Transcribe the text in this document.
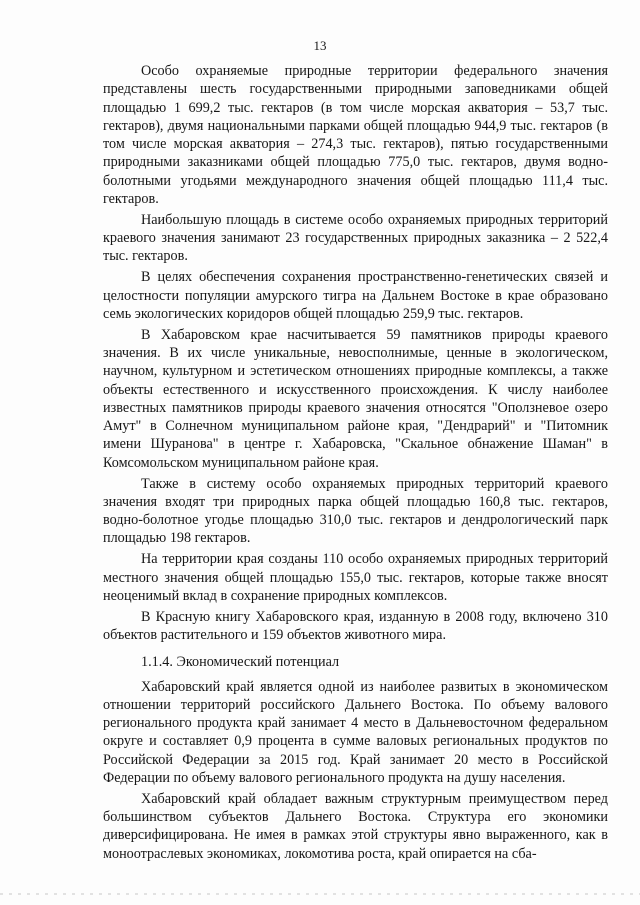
13

Особо охраняемые природные территории федерального значения представлены шесть государственными природными заповедниками общей площадью 1 699,2 тыс. гектаров (в том числе морская акватория – 53,7 тыс. гектаров), двумя национальными парками общей площадью 944,9 тыс. гектаров (в том числе морская акватория – 274,3 тыс. гектаров), пятью государственными природными заказниками общей площадью 775,0 тыс. гектаров, двумя водно-болотными угодьями международного значения общей площадью 111,4 тыс. гектаров.

Наибольшую площадь в системе особо охраняемых природных территорий краевого значения занимают 23 государственных природных заказника – 2 522,4 тыс. гектаров.

В целях обеспечения сохранения пространственно-генетических связей и целостности популяции амурского тигра на Дальнем Востоке в крае образовано семь экологических коридоров общей площадью 259,9 тыс. гектаров.

В Хабаровском крае насчитывается 59 памятников природы краевого значения. В их числе уникальные, невосполнимые, ценные в экологическом, научном, культурном и эстетическом отношениях природные комплексы, а также объекты естественного и искусственного происхождения. К числу наиболее известных памятников природы краевого значения относятся "Оползневое озеро Амут" в Солнечном муниципальном районе края, "Дендрарий" и "Питомник имени Шуранова" в центре г. Хабаровска, "Скальное обнажение Шаман" в Комсомольском муниципальном районе края.

Также в систему особо охраняемых природных территорий краевого значения входят три природных парка общей площадью 160,8 тыс. гектаров, водно-болотное угодье площадью 310,0 тыс. гектаров и дендрологический парк площадью 198 гектаров.

На территории края созданы 110 особо охраняемых природных территорий местного значения общей площадью 155,0 тыс. гектаров, которые также вносят неоценимый вклад в сохранение природных комплексов.

В Красную книгу Хабаровского края, изданную в 2008 году, включено 310 объектов растительного и 159 объектов животного мира.

1.1.4. Экономический потенциал

Хабаровский край является одной из наиболее развитых в экономическом отношении территорий российского Дальнего Востока. По объему валового регионального продукта край занимает 4 место в Дальневосточном федеральном округе и составляет 0,9 процента в сумме валовых региональных продуктов по Российской Федерации за 2015 год. Край занимает 20 место в Российской Федерации по объему валового регионального продукта на душу населения.

Хабаровский край обладает важным структурным преимуществом перед большинством субъектов Дальнего Востока. Структура его экономики диверсифицирована. Не имея в рамках этой структуры явно выраженного, как в моноотраслевых экономиках, локомотива роста, край опирается на сба-
